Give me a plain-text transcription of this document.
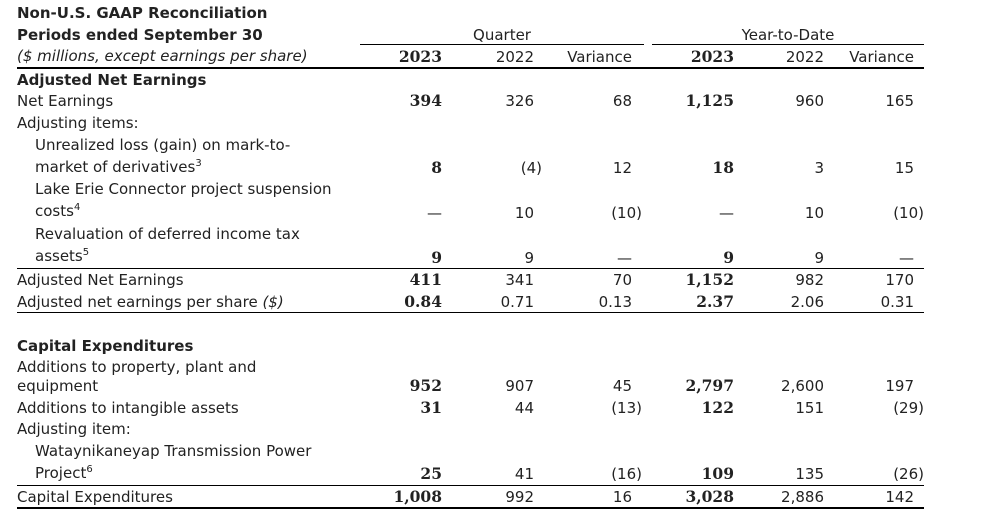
Non-U.S. GAAP Reconciliation
Periods ended September 30
($ millions, except earnings per share)
Quarter	Year-to-Date
2023	2022	Variance	2023	2022	Variance
Adjusted Net Earnings
Net Earnings	394	326	68	1,125	960	165
Adjusting items:
Unrealized loss (gain) on mark-to-
market of derivatives$^3$	8	(4)	12	18	3	15
Lake Erie Connector project suspension
costs$^4$	—	10	(10)	—	10	(10)
Revaluation of deferred income tax
assets$^5$	9	9	—	9	9	—
Adjusted Net Earnings	411	341	70	1,152	982	170
Adjusted net earnings per share ($)	0.84	0.71	0.13	2.37	2.06	0.31
Capital Expenditures
Additions to property, plant and
equipment	952	907	45	2,797	2,600	197
Additions to intangible assets	31	44	(13)	122	151	(29)
Adjusting item:
Wataynikaneyap Transmission Power
Project$^6$	25	41	(16)	109	135	(26)
Capital Expenditures	1,008	992	16	3,028	2,886	142
